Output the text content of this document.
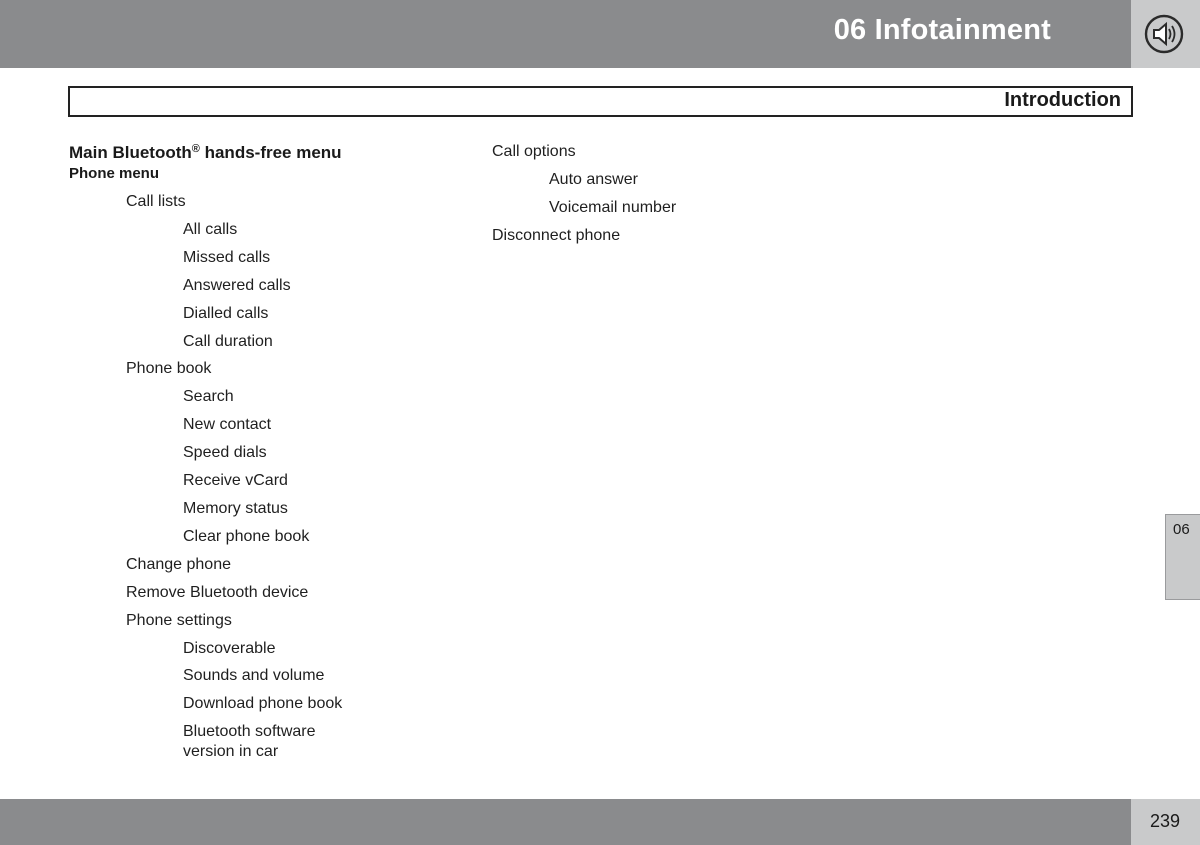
06 Infotainment
Introduction
Main Bluetooth® hands-free menu
Phone menu
Call lists
All calls
Missed calls
Answered calls
Dialled calls
Call duration
Phone book
Search
New contact
Speed dials
Receive vCard
Memory status
Clear phone book
Change phone
Remove Bluetooth device
Phone settings
Discoverable
Sounds and volume
Download phone book
Bluetooth software version in car
Call options
Auto answer
Voicemail number
Disconnect phone
06
239
